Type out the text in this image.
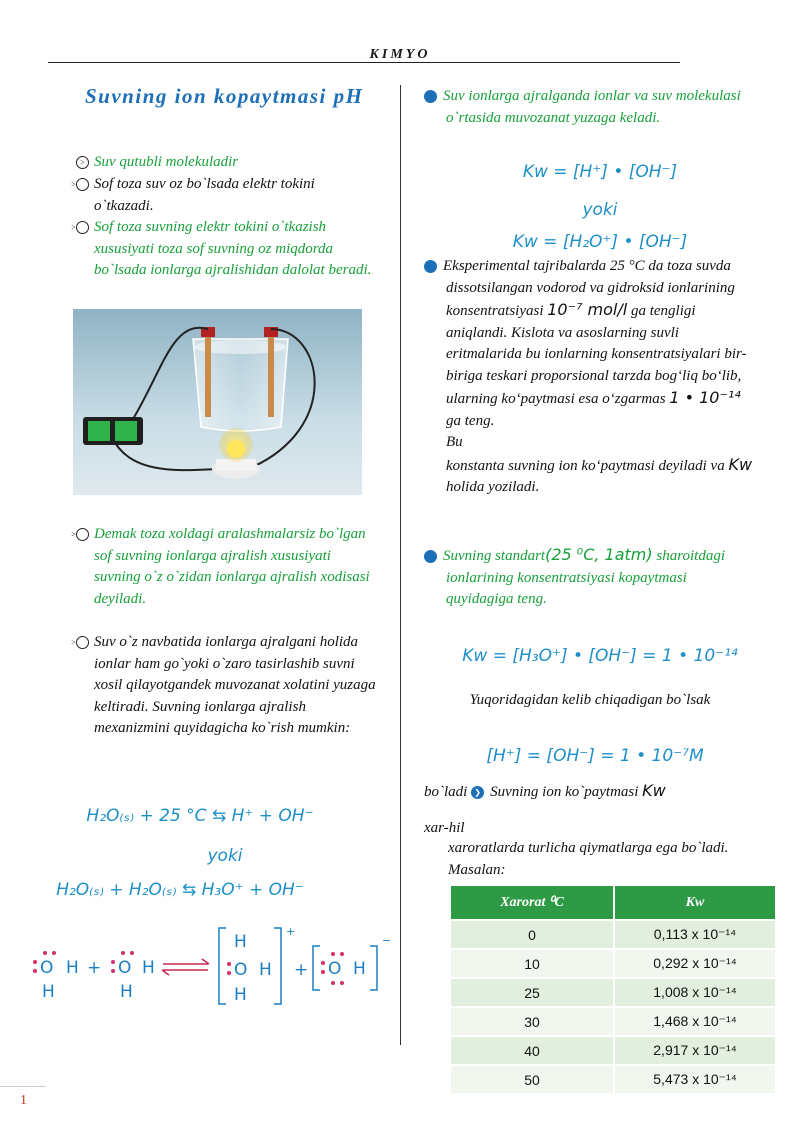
KIMYO
Suvning ion kopaytmasi pH
> Suv qutubli molekuladir
> Sof toza suv oz bo`lsada elektr tokini o`tkazadi.
> Sof toza suvning elektr tokini o`tkazish xususiyati toza sof suvning oz miqdorda bo`lsada ionlarga ajralishidan dalolat beradi.
> Demak toza xoldagi aralashmalarsiz bo`lgan sof suvning ionlarga ajralish xususiyati suvning o`z o`zidan ionlarga ajralish xodisasi deyiladi.
> Suv o`z navbatida ionlarga ajralgani holida ionlar ham go`yoki o`zaro tasirlashib suvni xosil qilayotgandek muvozanat xolatini yuzaga keltiradi. Suvning ionlarga ajralish mexanizmini quyidagicha ko`rish mumkin:
H₂O₍ₛ₎ + 25 °C ⇆ H⁺ + OH⁻
yoki
H₂O₍ₛ₎ + H₂O₍ₛ₎ ⇆ H₃O⁺ + OH⁻
O H
H
+ O H
H
H
O H
H
+
+ O H
−
❯ Suv ionlarga ajralganda ionlar va suv molekulasi o`rtasida muvozanat yuzaga keladi.
Kw = [H⁺] • [OH⁻]
yoki
Kw = [H₂O⁺] • [OH⁻]
❯ Eksperimental tajribalarda 25 °C da toza suvda dissotsilangan vodorod va gidroksid ionlarining konsentratsiyasi 10⁻⁷ mol/l ga tengligi aniqlandi. Kislota va asoslarning suvli eritmalarida bu ionlarning konsentratsiyalari bir-biriga teskari proporsional tarzda bog‘liq bo‘lib, ularning ko‘paytmasi esa o‘zgarmas 1 • 10⁻¹⁴ ga teng.
Bu
konstanta suvning ion ko‘paytmasi deyiladi va Kw holida yoziladi.
❯ Suvning standart(25 ⁰C, 1atm) sharoitdagi ionlarining konsentratsiyasi kopaytmasi quyidagiga teng.
Kw = [H₃O⁺] • [OH⁻] = 1 • 10⁻¹⁴
Yuqoridagidan kelib chiqadigan bo`lsak
[H⁺] = [OH⁻] = 1 • 10⁻⁷M
bo`ladi ❯ Suvning ion ko`paytmasi Kw
xar-hil
xaroratlarda turlicha qiymatlarga ega bo`ladi. Masalan:
Xarorat ⁰C	Kw
0	0,113 x 10⁻¹⁴
10	0,292 x 10⁻¹⁴
25	1,008 x 10⁻¹⁴
30	1,468 x 10⁻¹⁴
40	2,917 x 10⁻¹⁴
50	5,473 x 10⁻¹⁴
1
